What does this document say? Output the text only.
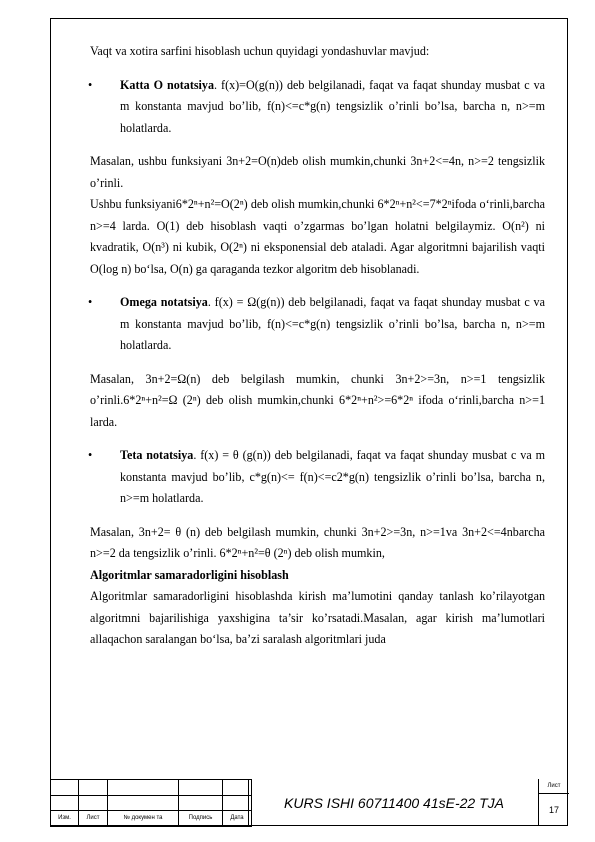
Vaqt va xotira sarfini hisoblash uchun quyidagi yondashuvlar mavjud:

• Katta O notatsiya. f(x)=O(g(n)) deb belgilanadi, faqat va faqat shunday musbat c va m konstanta mavjud bo’lib, f(n)<=c*g(n) tengsizlik o’rinli bo’lsa, barcha n, n>=m holatlarda.

Masalan, ushbu funksiyani 3n+2=O(n)deb olish mumkin,chunki 3n+2<=4n, n>=2 tengsizlik o’rinli.

Ushbu funksiyani6*2ⁿ+n²=O(2ⁿ) deb olish mumkin,chunki 6*2ⁿ+n²<=7*2ⁿifoda o‘rinli,barcha n>=4 larda. O(1) deb hisoblash vaqti o’zgarmas bo’lgan holatni belgilaymiz. O(n²) ni kvadratik, O(n³) ni kubik, O(2ⁿ) ni eksponensial deb ataladi. Agar algoritmni bajarilish vaqti O(log n) bo‘lsa, O(n) ga qaraganda tezkor algoritm deb hisoblanadi.

• Omega notatsiya. f(x) = Ω(g(n)) deb belgilanadi, faqat va faqat shunday musbat c va m konstanta mavjud bo’lib, f(n)<=c*g(n) tengsizlik o’rinli bo’lsa, barcha n, n>=m holatlarda.

Masalan, 3n+2=Ω(n) deb belgilash mumkin, chunki 3n+2>=3n, n>=1 tengsizlik o’rinli.6*2ⁿ+n²=Ω (2ⁿ) deb olish mumkin,chunki 6*2ⁿ+n²>=6*2ⁿ ifoda o‘rinli,barcha n>=1 larda.

• Teta notatsiya. f(x) = θ (g(n)) deb belgilanadi, faqat va faqat shunday musbat c va m konstanta mavjud bo’lib, c*g(n)<= f(n)<=c2*g(n) tengsizlik o’rinli bo’lsa, barcha n, n>=m holatlarda.

Masalan, 3n+2= θ (n) deb belgilash mumkin, chunki 3n+2>=3n, n>=1va 3n+2<=4nbarcha n>=2 da tengsizlik o’rinli. 6*2ⁿ+n²=θ (2ⁿ) deb olish mumkin,

Algoritmlar samaradorligini hisoblash

Algoritmlar samaradorligini hisoblashda kirish ma’lumotini qanday tanlash ko’rilayotgan algoritmni bajarilishiga yaxshigina ta’sir ko’rsatadi.Masalan, agar kirish ma’lumotlari allaqachon saralangan bo‘lsa, ba’zi saralash algoritmlari juda

Изм.	Лист	№ докумен та	Подпись	Дата
KURS ISHI 60711400 41sE-22 TJA
Лист
17
